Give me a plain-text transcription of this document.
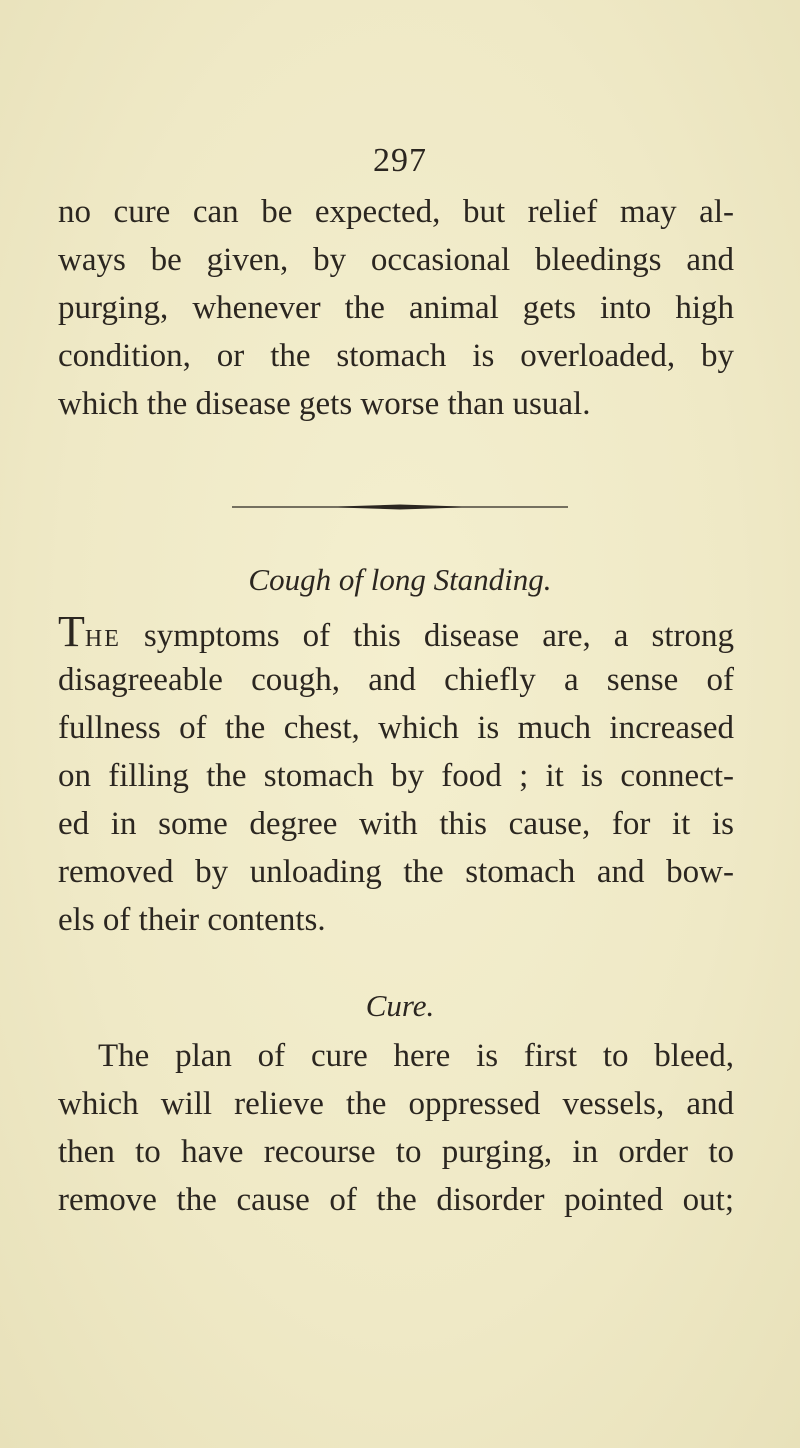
297

no cure can be expected, but relief may al-

ways be given, by occasional bleedings and

purging, whenever the animal gets into high

condition, or the stomach is overloaded, by

which the disease gets worse than usual.

Cough of long Standing.

THE symptoms of this disease are, a strong

disagreeable cough, and chiefly a sense of

fullness of the chest, which is much increased

on filling the stomach by food ; it is connect-

ed in some degree with this cause, for it is

removed by unloading the stomach and bow-

els of their contents.

Cure.

The plan of cure here is first to bleed,

which will relieve the oppressed vessels, and

then to have recourse to purging, in order to

remove the cause of the disorder pointed out;
